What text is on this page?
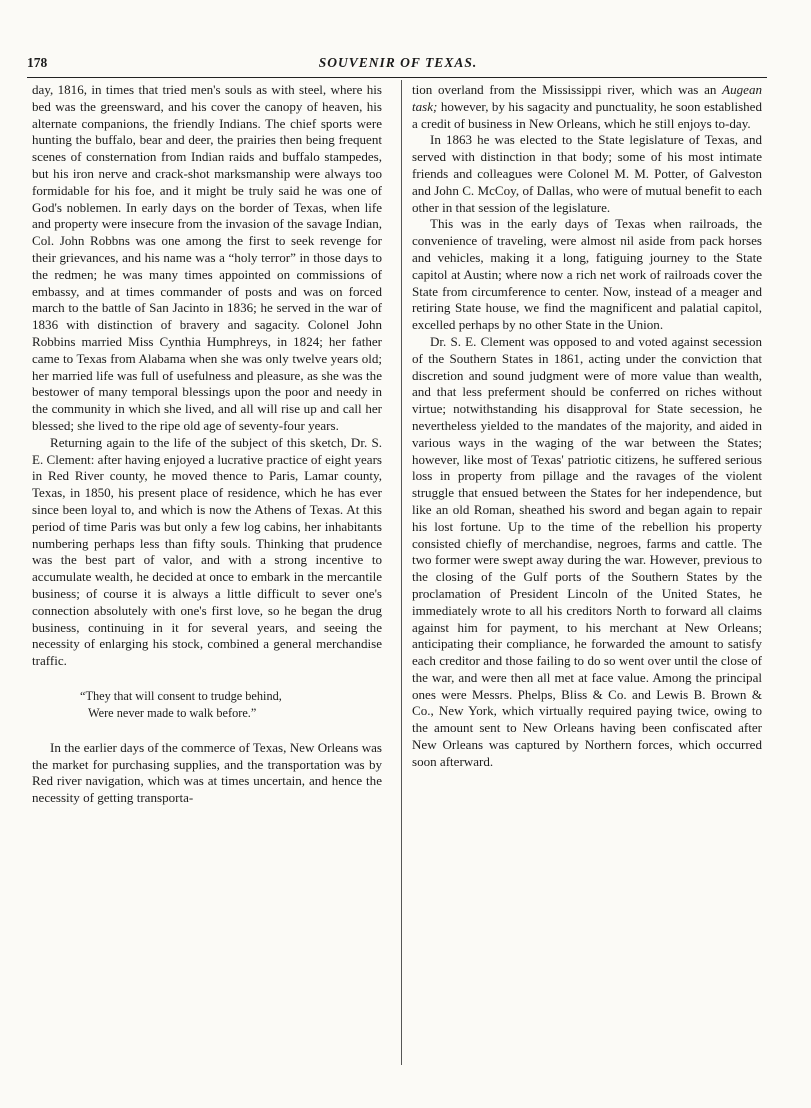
178	SOUVENIR OF TEXAS.

day, 1816, in times that tried men's souls as with steel, where his bed was the greensward, and his cover the canopy of heaven, his alternate companions, the friendly Indians. The chief sports were hunting the buffalo, bear and deer, the prairies then being frequent scenes of consternation from Indian raids and buffalo stampedes, but his iron nerve and crack-shot marksmanship were always too formidable for his foe, and it might be truly said he was one of God's noblemen. In early days on the border of Texas, when life and property were insecure from the invasion of the savage Indian, Col. John Robbns was one among the first to seek revenge for their grievances, and his name was a “holy terror” in those days to the redmen; he was many times appointed on commissions of embassy, and at times commander of posts and was on forced march to the battle of San Jacinto in 1836; he served in the war of 1836 with distinction of bravery and sagacity. Colonel John Robbins married Miss Cynthia Humphreys, in 1824; her father came to Texas from Alabama when she was only twelve years old; her married life was full of usefulness and pleasure, as she was the bestower of many temporal blessings upon the poor and needy in the community in which she lived, and all will rise up and call her blessed; she lived to the ripe old age of seventy-four years.

Returning again to the life of the subject of this sketch, Dr. S. E. Clement: after having enjoyed a lucrative practice of eight years in Red River county, he moved thence to Paris, Lamar county, Texas, in 1850, his present place of residence, which he has ever since been loyal to, and which is now the Athens of Texas. At this period of time Paris was but only a few log cabins, her inhabitants numbering perhaps less than fifty souls. Thinking that prudence was the best part of valor, and with a strong incentive to accumulate wealth, he decided at once to embark in the mercantile business; of course it is always a little difficult to sever one's connection absolutely with one's first love, so he began the drug business, continuing in it for several years, and seeing the necessity of enlarging his stock, combined a general merchandise traffic.

“They that will consent to trudge behind,
Were never made to walk before.”

In the earlier days of the commerce of Texas, New Orleans was the market for purchasing supplies, and the transportation was by Red river navigation, which was at times uncertain, and hence the necessity of getting transporta-

tion overland from the Mississippi river, which was an Augean task; however, by his sagacity and punctuality, he soon established a credit of business in New Orleans, which he still enjoys to-day.

In 1863 he was elected to the State legislature of Texas, and served with distinction in that body; some of his most intimate friends and colleagues were Colonel M. M. Potter, of Galveston and John C. McCoy, of Dallas, who were of mutual benefit to each other in that session of the legislature.

This was in the early days of Texas when railroads, the convenience of traveling, were almost nil aside from pack horses and vehicles, making it a long, fatiguing journey to the State capitol at Austin; where now a rich net work of railroads cover the State from circumference to center. Now, instead of a meager and retiring State house, we find the magnificent and palatial capitol, excelled perhaps by no other State in the Union.

Dr. S. E. Clement was opposed to and voted against secession of the Southern States in 1861, acting under the conviction that discretion and sound judgment were of more value than wealth, and that less preferment should be conferred on riches without virtue; notwithstanding his disapproval for State secession, he nevertheless yielded to the mandates of the majority, and aided in various ways in the waging of the war between the States; however, like most of Texas' patriotic citizens, he suffered serious loss in property from pillage and the ravages of the violent struggle that ensued between the States for her independence, but like an old Roman, sheathed his sword and began again to repair his lost fortune. Up to the time of the rebellion his property consisted chiefly of merchandise, negroes, farms and cattle. The two former were swept away during the war. However, previous to the closing of the Gulf ports of the Southern States by the proclamation of President Lincoln of the United States, he immediately wrote to all his creditors North to forward all claims against him for payment, to his merchant at New Orleans; anticipating their compliance, he forwarded the amount to satisfy each creditor and those failing to do so went over until the close of the war, and were then all met at face value. Among the principal ones were Messrs. Phelps, Bliss & Co. and Lewis B. Brown & Co., New York, which virtually required paying twice, owing to the amount sent to New Orleans having been confiscated after New Orleans was captured by Northern forces, which occurred soon afterward.
